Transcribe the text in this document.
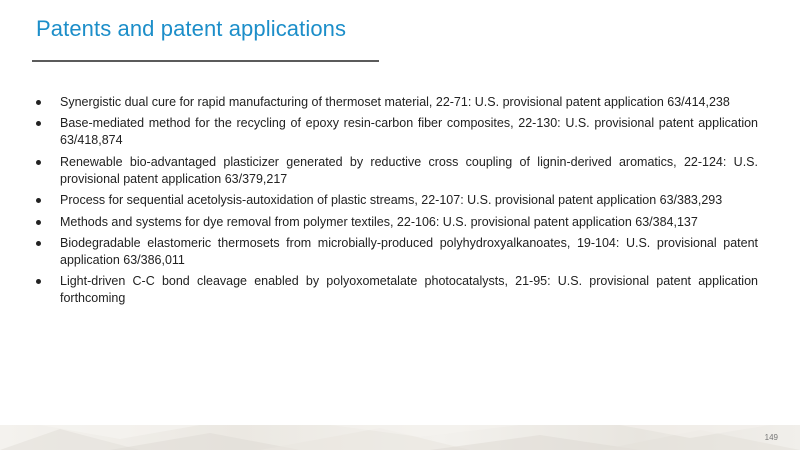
Patents and patent applications
Synergistic dual cure for rapid manufacturing of thermoset material, 22-71: U.S. provisional patent application 63/414,238
Base-mediated method for the recycling of epoxy resin-carbon fiber composites, 22-130: U.S. provisional patent application 63/418,874
Renewable bio-advantaged plasticizer generated by reductive cross coupling of lignin-derived aromatics, 22-124: U.S. provisional patent application 63/379,217
Process for sequential acetolysis-autoxidation of plastic streams, 22-107: U.S. provisional patent application 63/383,293
Methods and systems for dye removal from polymer textiles, 22-106: U.S. provisional patent application 63/384,137
Biodegradable elastomeric thermosets from microbially-produced polyhydroxyalkanoates, 19-104: U.S. provisional patent application 63/386,011
Light-driven C-C bond cleavage enabled by polyoxometalate photocatalysts, 21-95: U.S. provisional patent application forthcoming
149
